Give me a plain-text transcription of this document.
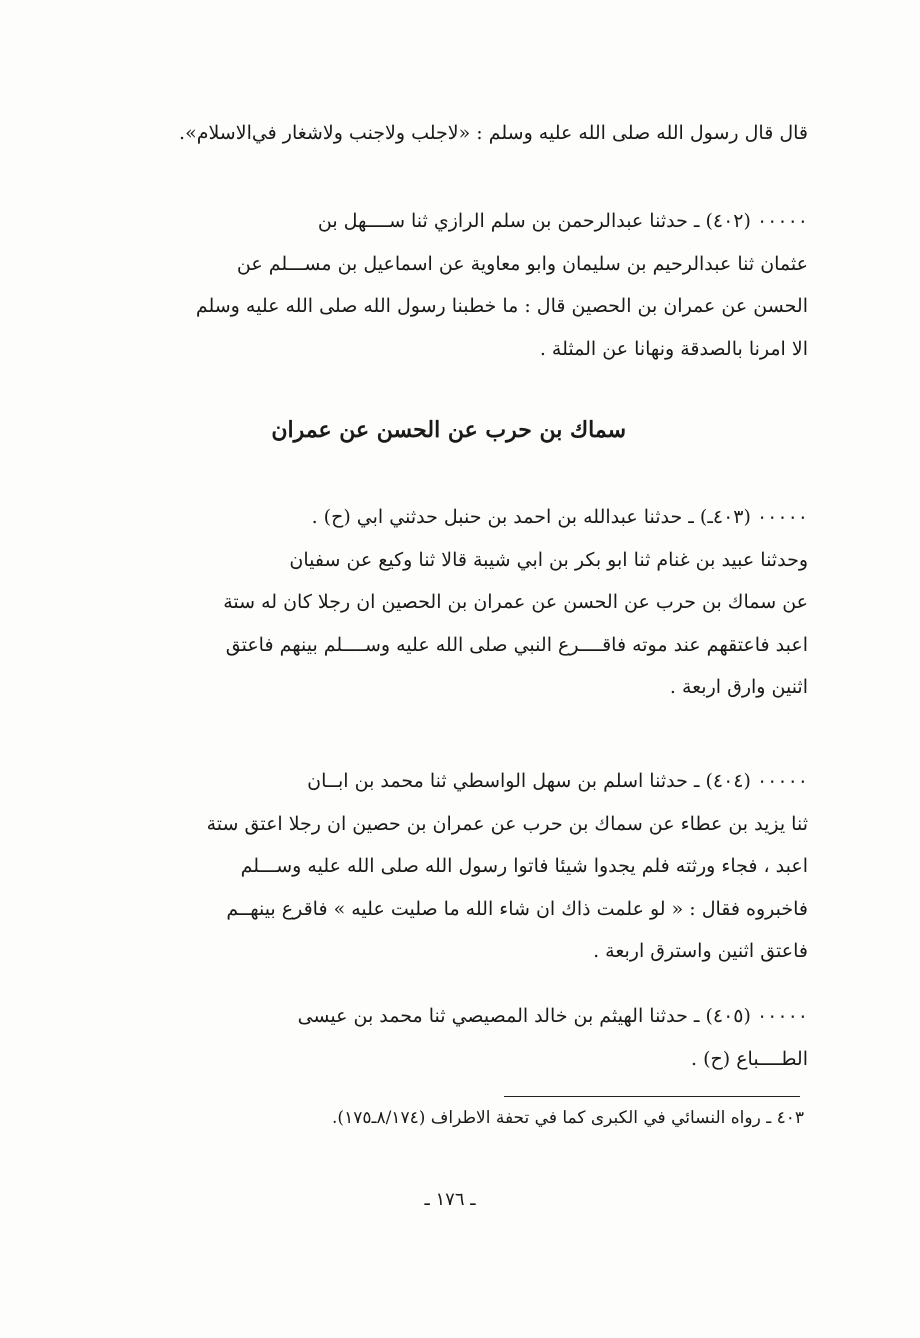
قال قال رسول الله صلى الله عليه وسلم : «لاجلب ولاجنب ولاشغار في‌الاسلام».
٠٠٠٠٠ (٤٠٢) ـ حدثنا عبدالرحمن بن سلم الرازي ثنا ســــهل بن
عثمان ثنا عبدالرحيم بن سليمان وابو معاوية عن اسماعيل بن مســـلم عن
الحسن عن عمران بن الحصين قال : ما خطبنا رسول الله صلى الله عليه وسلم
الا امرنا بالصدقة ونهانا عن المثلة .
سماك بن حرب عن الحسن عن عمران
٠٠٠٠٠ (٤٠٣ـ) ـ حدثنا عبدالله بن احمد بن حنبل حدثني ابي (ح) .
وحدثنا عبيد بن غنام ثنا ابو بكر بن ابي شيبة قالا ثنا وكيع عن سفيان
عن سماك بن حرب عن الحسن عن عمران بن الحصين ان رجلا كان له ستة
اعبد فاعتقهم عند موته فاقــــرع النبي صلى الله عليه وســــلم بينهم فاعتق
اثنين وارق اربعة .
٠٠٠٠٠ (٤٠٤) ـ حدثنا اسلم بن سهل الواسطي ثنا محمد بن ابــان
ثنا يزيد بن عطاء عن سماك بن حرب عن عمران بن حصين ان رجلا اعتق ستة
اعبد ، فجاء ورثته فلم يجدوا شيئا فاتوا رسول الله صلى الله عليه وســـلم
فاخبروه فقال : « لو علمت ذاك ان شاء الله ما صليت عليه » فاقرع بينهــم
فاعتق اثنين واسترق اربعة .
٠٠٠٠٠ (٤٠٥) ـ حدثنا الهيثم بن خالد المصيصي ثنا محمد بن عيسى
الطــــباع (ح) .
٤٠٣ ـ رواه النسائي في الكبرى كما في تحفة الاطراف (٨/١٧٤ـ١٧٥).
ـ ١٧٦ ـ
